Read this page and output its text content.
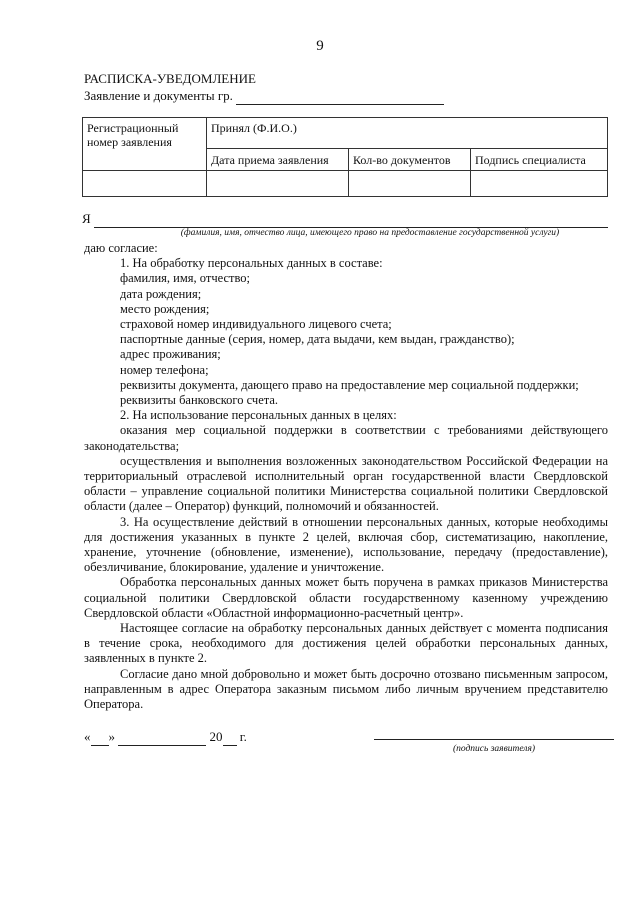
9
РАСПИСКА-УВЕДОМЛЕНИЕ
Заявление и документы гр.
Регистрационный номер заявления	Принял (Ф.И.О.)		
	Дата приема заявления	Кол-во документов	Подпись специалиста

Я
(фамилия, имя, отчество лица, имеющего право на предоставление государственной услуги)

даю согласие:

1. На обработку персональных данных в составе:

фамилия, имя, отчество;

дата рождения;

место рождения;

страховой номер индивидуального лицевого счета;

паспортные данные (серия, номер, дата выдачи, кем выдан, гражданство);

адрес проживания;

номер телефона;

реквизиты документа, дающего право на предоставление мер социальной поддержки;

реквизиты банковского счета.

2. На использование персональных данных в целях:

оказания мер социальной поддержки в соответствии с требованиями действующего законодательства;

осуществления и выполнения возложенных законодательством Российской Федерации на территориальный отраслевой исполнительный орган государственной власти Свердловской области – управление социальной политики Министерства социальной политики Свердловской области (далее – Оператор) функций, полномочий и обязанностей.

3. На осуществление действий в отношении персональных данных, которые необходимы для достижения указанных в пункте 2 целей, включая сбор, систематизацию, накопление, хранение, уточнение (обновление, изменение), использование, передачу (предоставление), обезличивание, блокирование, удаление и уничтожение.

Обработка персональных данных может быть поручена в рамках приказов Министерства социальной политики Свердловской области государственному казенному учреждению Свердловской области «Областной информационно-расчетный центр».

Настоящее согласие на обработку персональных данных действует с момента подписания в течение срока, необходимого для достижения целей обработки персональных данных, заявленных в пункте 2.

Согласие дано мной добровольно и может быть досрочно отозвано письменным запросом, направленным в адрес Оператора заказным письмом либо личным вручением представителю Оператора.

« »	20 г.
(подпись заявителя)
